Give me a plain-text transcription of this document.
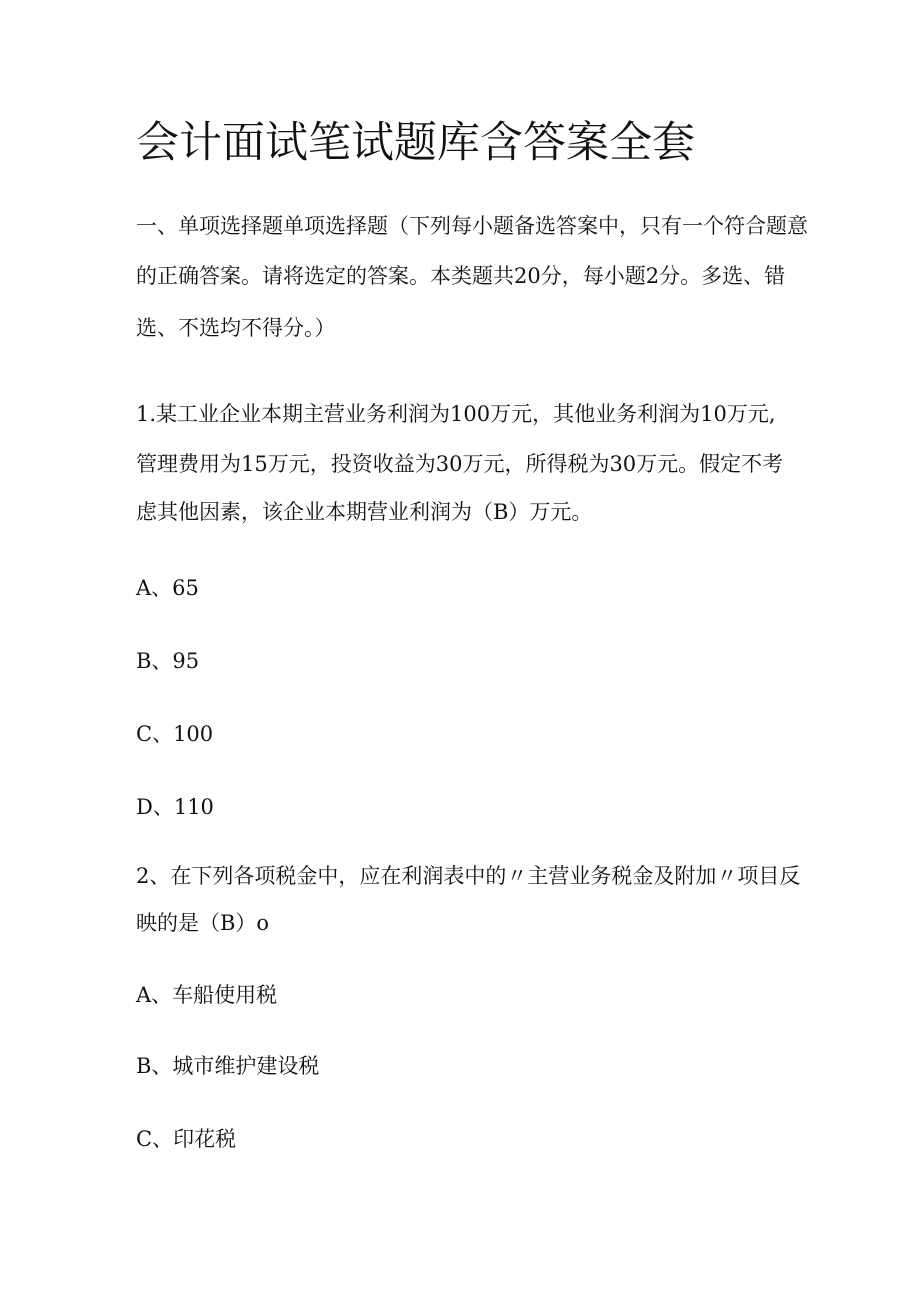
会计面试笔试题库含答案全套
一、单项选择题单项选择题（下列每小题备选答案中，只有一个符合题意
的正确答案。请将选定的答案。本类题共20分，每小题2分。多选、错
选、不选均不得分。）
1.某工业企业本期主营业务利润为100万元，其他业务利润为10万元,
管理费用为15万元，投资收益为30万元，所得税为30万元。假定不考
虑其他因素，该企业本期营业利润为（B）万元。
A、65
B、95
C、100
D、110
2、在下列各项税金中，应在利润表中的〃主营业务税金及附加〃项目反
映的是（B）o
A、车船使用税
B、城市维护建设税
C、印花税
